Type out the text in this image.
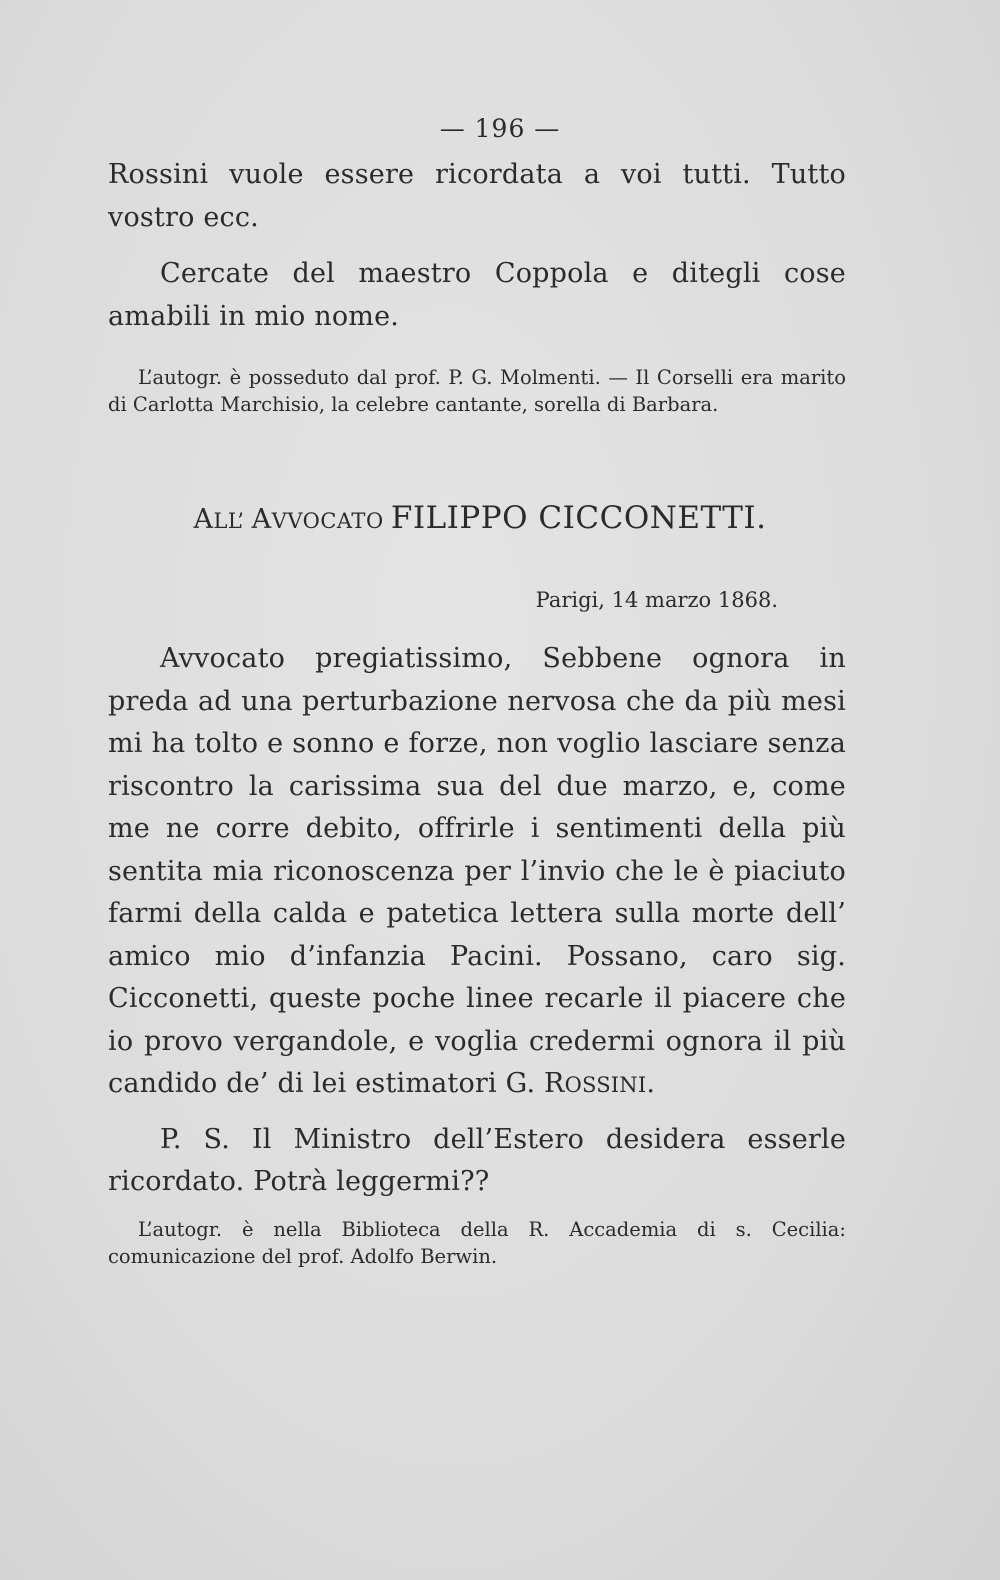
— 196 —

Rossini vuole essere ricordata a voi tutti. Tutto vostro ecc.

Cercate del maestro Coppola e ditegli cose amabili in mio nome.

L’autogr. è posseduto dal prof. P. G. Molmenti. — Il Corselli era marito di Carlotta Marchisio, la celebre cantante, sorella di Barbara.

ALL’ AVVOCATO FILIPPO CICCONETTI.
Parigi, 14 marzo 1868.

Avvocato pregiatissimo, Sebbene ognora in preda ad una perturbazione nervosa che da più mesi mi ha tolto e sonno e forze, non voglio lasciare senza riscontro la carissima sua del due marzo, e, come me ne corre debito, offrirle i sentimenti della più sentita mia riconoscenza per l’invio che le è piaciuto farmi della calda e patetica lettera sulla morte dell’ amico mio d’infanzia Pacini. Possano, caro sig. Cicconetti, queste poche linee recarle il piacere che io provo vergandole, e voglia credermi ognora il più candido de’ di lei estimatori G. ROSSINI.

P. S. Il Ministro dell’Estero desidera esserle ricordato. Potrà leggermi??

L’autogr. è nella Biblioteca della R. Accademia di s. Cecilia: comunicazione del prof. Adolfo Berwin.
